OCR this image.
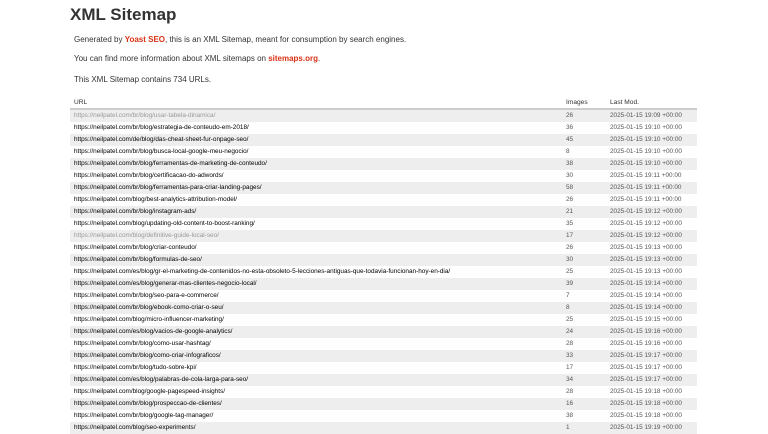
XML Sitemap

Generated by Yoast SEO, this is an XML Sitemap, meant for consumption by search engines.

You can find more information about XML sitemaps on sitemaps.org.

This XML Sitemap contains 734 URLs.

URL	Images	Last Mod.
https://neilpatel.com/br/blog/usar-tabela-dinamica/	26	2025-01-15 19:09 +00:00
https://neilpatel.com/br/blog/estrategia-de-conteudo-em-2018/	36	2025-01-15 19:10 +00:00
https://neilpatel.com/de/blog/das-cheat-sheet-fur-onpage-seo/	45	2025-01-15 19:10 +00:00
https://neilpatel.com/br/blog/busca-local-google-meu-negocio/	8	2025-01-15 19:10 +00:00
https://neilpatel.com/br/blog/ferramentas-de-marketing-de-conteudo/	38	2025-01-15 19:10 +00:00
https://neilpatel.com/br/blog/certificacao-do-adwords/	30	2025-01-15 19:11 +00:00
https://neilpatel.com/br/blog/ferramentas-para-criar-landing-pages/	58	2025-01-15 19:11 +00:00
https://neilpatel.com/blog/best-analytics-attribution-model/	26	2025-01-15 19:11 +00:00
https://neilpatel.com/br/blog/instagram-ads/	21	2025-01-15 19:12 +00:00
https://neilpatel.com/blog/updating-old-content-to-boost-ranking/	35	2025-01-15 19:12 +00:00
https://neilpatel.com/blog/definitive-guide-local-seo/	17	2025-01-15 19:12 +00:00
https://neilpatel.com/br/blog/criar-conteudo/	26	2025-01-15 19:13 +00:00
https://neilpatel.com/br/blog/formulas-de-seo/	30	2025-01-15 19:13 +00:00
https://neilpatel.com/es/blog/gr-el-marketing-de-contenidos-no-esta-obsoleto-5-lecciones-antiguas-que-todavia-funcionan-hoy-en-dia/	25	2025-01-15 19:13 +00:00
https://neilpatel.com/es/blog/generar-mas-clientes-negocio-local/	39	2025-01-15 19:14 +00:00
https://neilpatel.com/br/blog/seo-para-e-commerce/	7	2025-01-15 19:14 +00:00
https://neilpatel.com/br/blog/ebook-como-criar-o-seu/	8	2025-01-15 19:14 +00:00
https://neilpatel.com/blog/micro-influencer-marketing/	25	2025-01-15 19:15 +00:00
https://neilpatel.com/es/blog/vacios-de-google-analytics/	24	2025-01-15 19:16 +00:00
https://neilpatel.com/br/blog/como-usar-hashtag/	28	2025-01-15 19:16 +00:00
https://neilpatel.com/br/blog/como-criar-infograficos/	33	2025-01-15 19:17 +00:00
https://neilpatel.com/br/blog/tudo-sobre-kpi/	17	2025-01-15 19:17 +00:00
https://neilpatel.com/es/blog/palabras-de-cola-larga-para-seo/	34	2025-01-15 19:17 +00:00
https://neilpatel.com/blog/google-pagespeed-insights/	28	2025-01-15 19:18 +00:00
https://neilpatel.com/br/blog/prospeccao-de-clientes/	16	2025-01-15 19:18 +00:00
https://neilpatel.com/br/blog/google-tag-manager/	38	2025-01-15 19:18 +00:00
https://neilpatel.com/blog/seo-experiments/	1	2025-01-15 19:19 +00:00
